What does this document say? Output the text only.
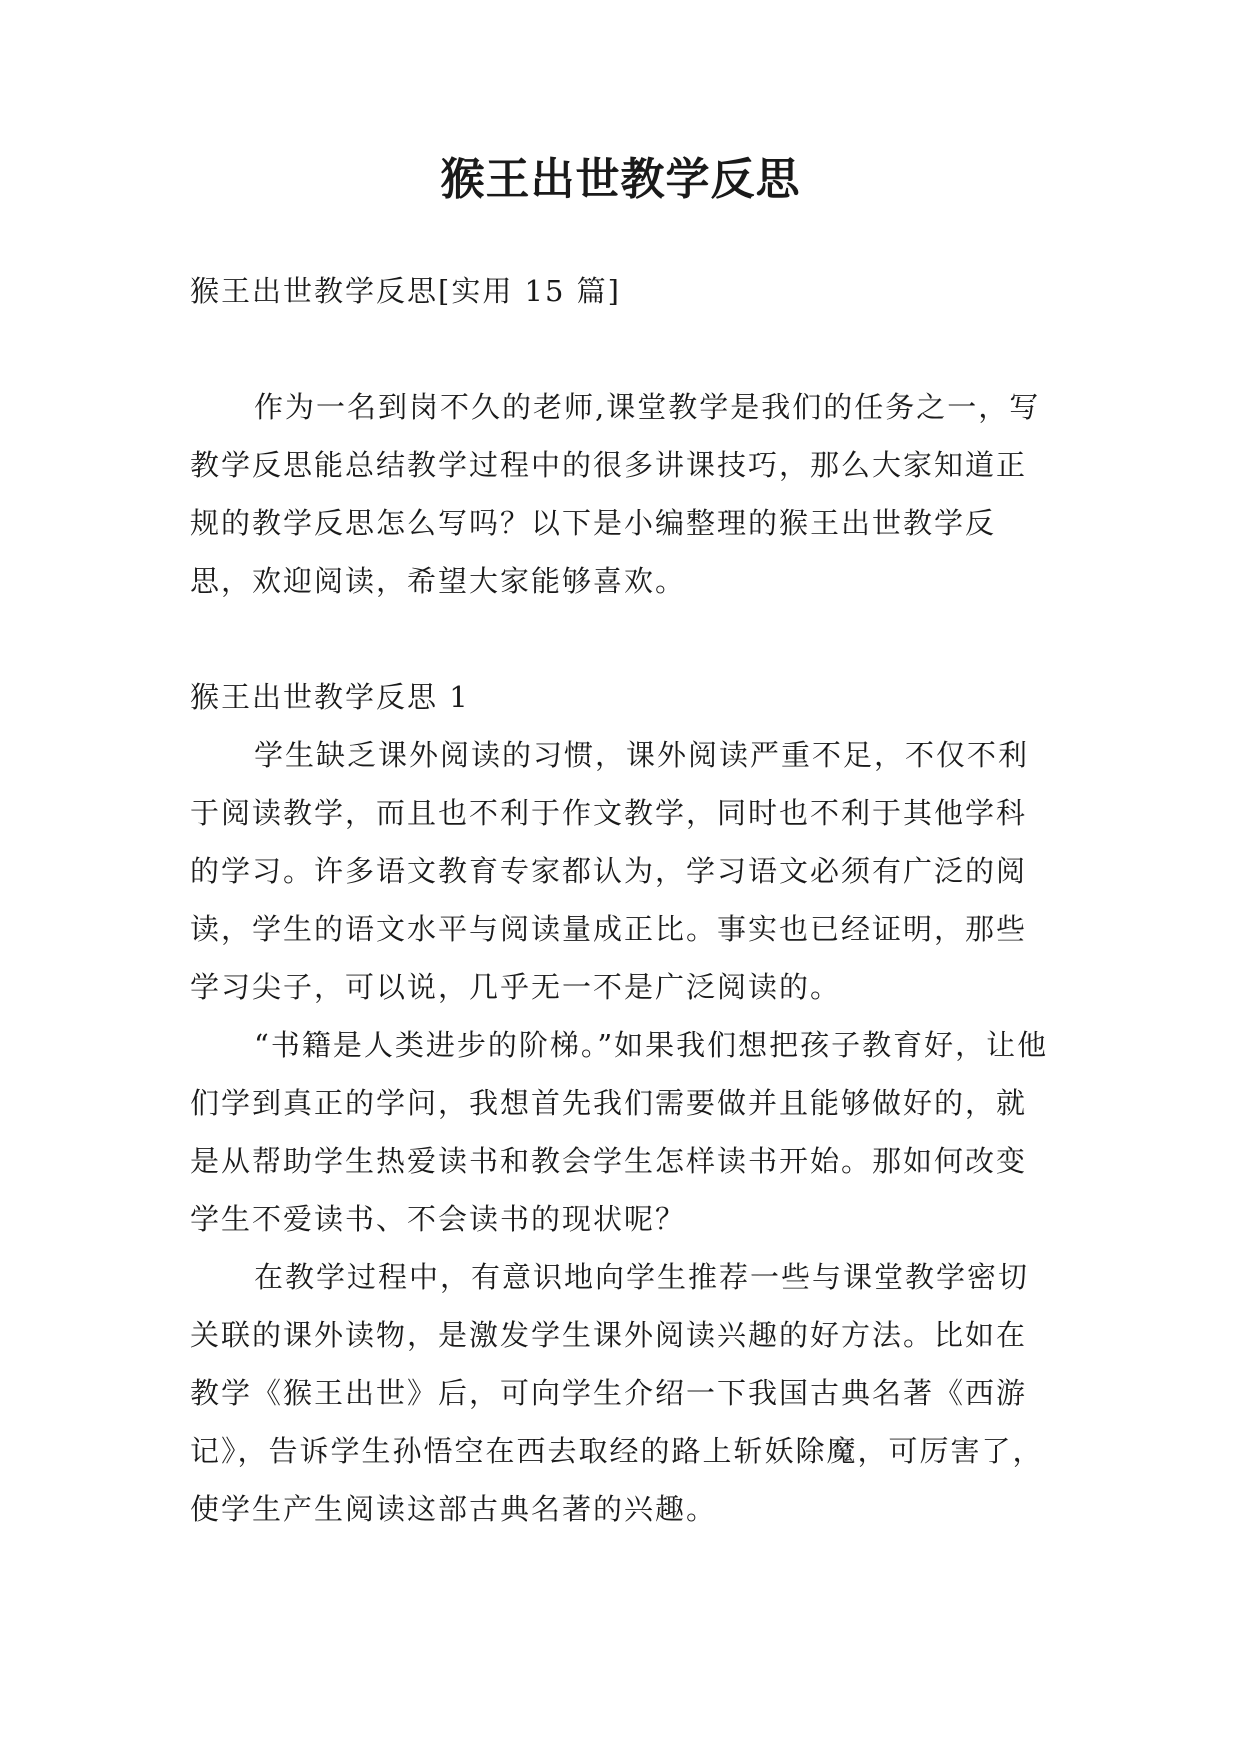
猴王出世教学反思

猴王出世教学反思[实用 15 篇]

作为一名到岗不久的老师,课堂教学是我们的任务之一，写教学反思能总结教学过程中的很多讲课技巧，那么大家知道正规的教学反思怎么写吗？以下是小编整理的猴王出世教学反思，欢迎阅读，希望大家能够喜欢。

猴王出世教学反思 1

学生缺乏课外阅读的习惯，课外阅读严重不足，不仅不利于阅读教学，而且也不利于作文教学，同时也不利于其他学科的学习。许多语文教育专家都认为，学习语文必须有广泛的阅读，学生的语文水平与阅读量成正比。事实也已经证明，那些学习尖子，可以说，几乎无一不是广泛阅读的。

“书籍是人类进步的阶梯。”如果我们想把孩子教育好，让他们学到真正的学问，我想首先我们需要做并且能够做好的，就是从帮助学生热爱读书和教会学生怎样读书开始。那如何改变学生不爱读书、不会读书的现状呢？

在教学过程中，有意识地向学生推荐一些与课堂教学密切关联的课外读物，是激发学生课外阅读兴趣的好方法。比如在教学《猴王出世》后，可向学生介绍一下我国古典名著《西游记》，告诉学生孙悟空在西去取经的路上斩妖除魔，可厉害了，使学生产生阅读这部古典名著的兴趣。
